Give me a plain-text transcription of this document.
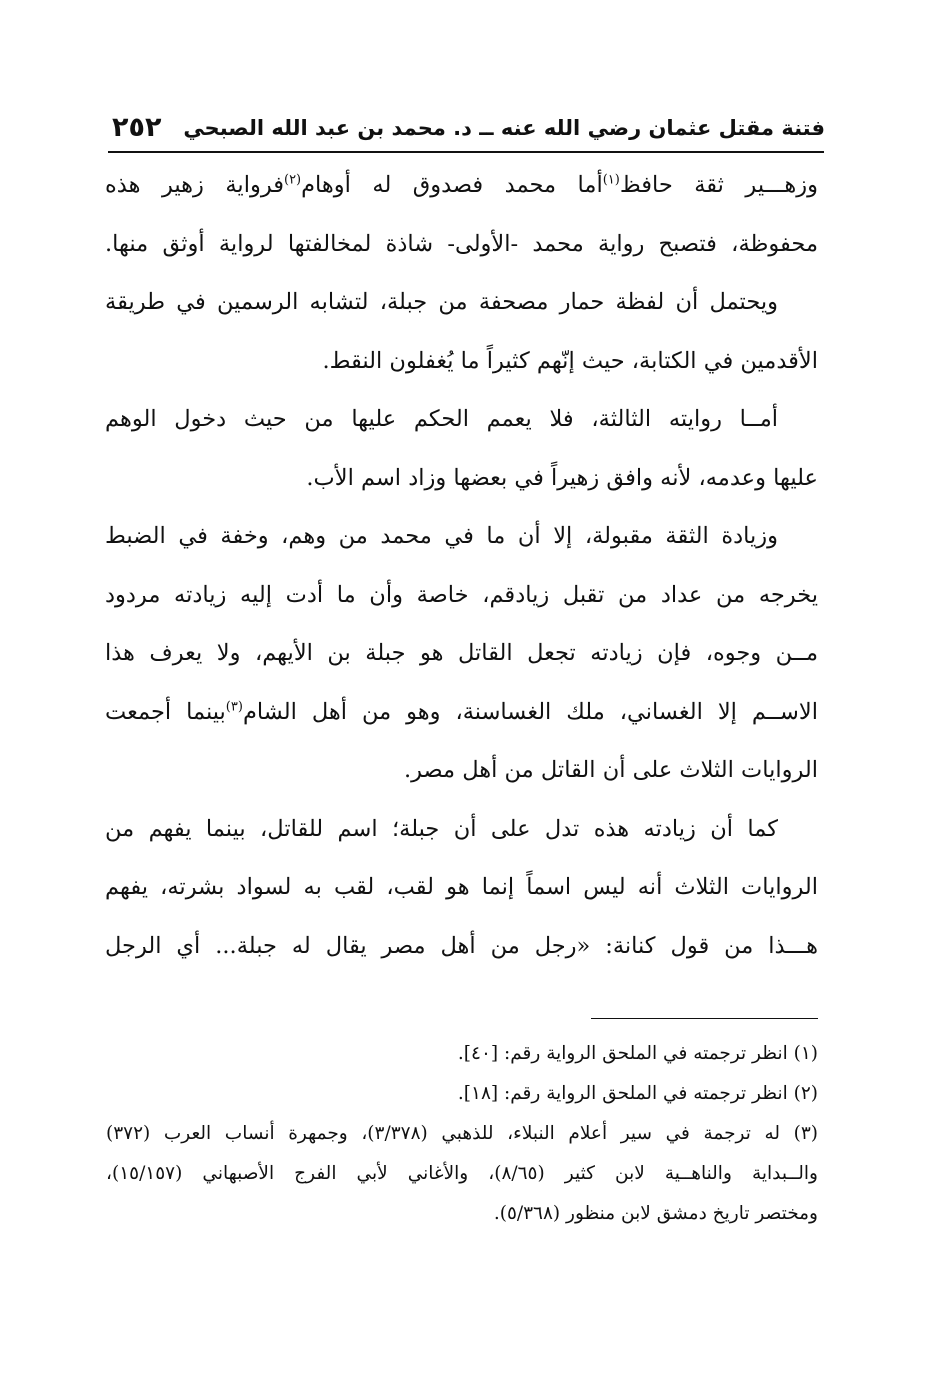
فتنة مقتل عثمان رضي الله عنه ــ د. محمد بن عبد الله الصبحي
٢٥٢
وزهـــير ثقة حافظ$^{(١)}$أما محمد فصدوق له أوهام$^{(٢)}$فرواية زهير هذه
محفوظة، فتصبح رواية محمد -الأولى- شاذة لمخالفتها لرواية أوثق منها.
ويحتمل أن لفظة حمار مصحفة من جبلة، لتشابه الرسمين في طريقة
الأقدمين في الكتابة، حيث إنّهم كثيراً ما يُغفلون النقط.
أمــا روايته الثالثة، فلا يعمم الحكم عليها من حيث دخول الوهم
عليها وعدمه، لأنه وافق زهيراً في بعضها وزاد اسم الأب.
وزيادة الثقة مقبولة، إلا أن ما في محمد من وهم، وخفة في الضبط
يخرجه من عداد من تقبل زيادقم، خاصة وأن ما أدت إليه زيادته مردود
مــن وجوه، فإن زيادته تجعل القاتل هو جبلة بن الأيهم، ولا يعرف هذا
الاســم إلا الغساني، ملك الغساسنة، وهو من أهل الشام$^{(٣)}$بينما أجمعت
الروايات الثلاث على أن القاتل من أهل مصر.
كما أن زيادته هذه تدل على أن جبلة؛ اسم للقاتل، بينما يفهم من
الروايات الثلاث أنه ليس اسماً إنما هو لقب، لقب به لسواد بشرته، يفهم
هـــذا من قول كنانة: «رجل من أهل مصر يقال له جبلة... أي الرجل
(١) انظر ترجمته في الملحق الرواية رقم: [٤٠].
(٢) انظر ترجمته في الملحق الرواية رقم: [١٨].
(٣) له ترجمة في سير أعلام النبلاء، للذهبي (٣/٣٧٨)، وجمهرة أنساب العرب (٣٧٢)
والــبداية والناهــية لابن كثير (٨/٦٥)، والأغاني لأبي الفرج الأصبهاني (١٥/١٥٧)،
ومختصر تاريخ دمشق لابن منظور (٥/٣٦٨).
